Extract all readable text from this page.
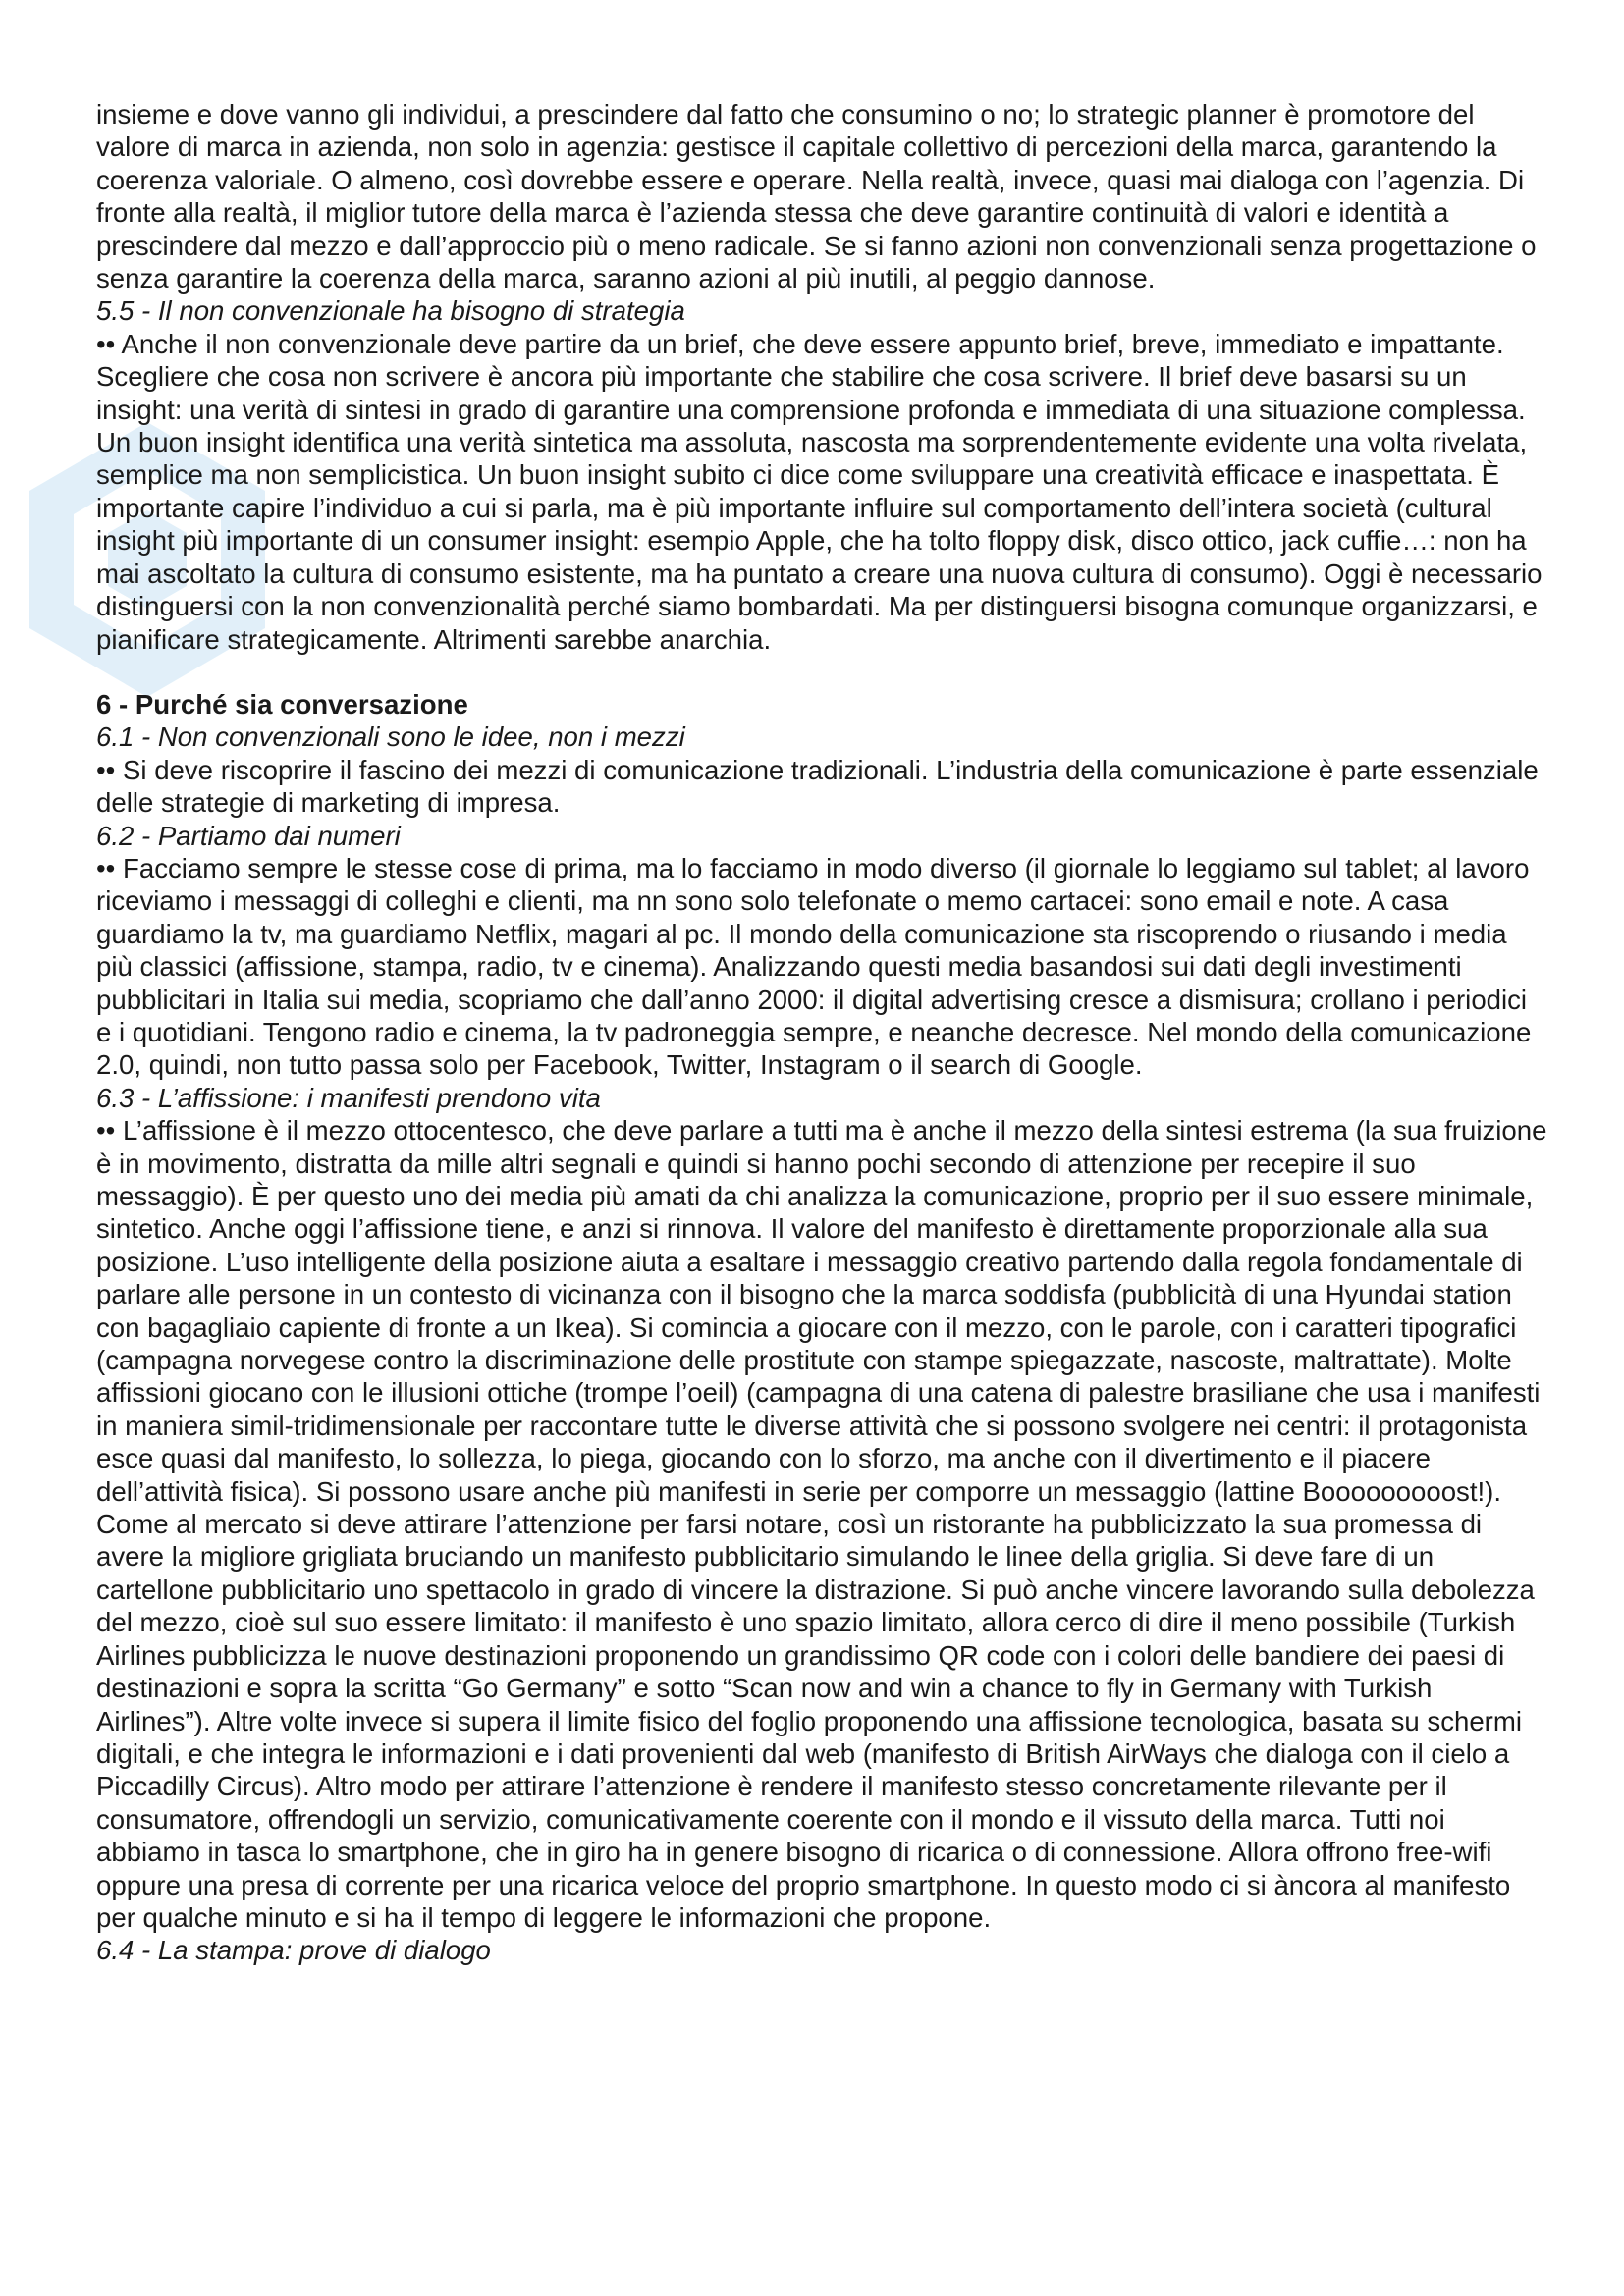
insieme e dove vanno gli individui, a prescindere dal fatto che consumino o no; lo strategic planner è promotore del valore di marca in azienda, non solo in agenzia: gestisce il capitale collettivo di percezioni della marca, garantendo la coerenza valoriale. O almeno, così dovrebbe essere e operare. Nella realtà, invece, quasi mai dialoga con l’agenzia. Di fronte alla realtà, il miglior tutore della marca è l’azienda stessa che deve garantire continuità di valori e identità a prescindere dal mezzo e dall’approccio più o meno radicale. Se si fanno azioni non convenzionali senza progettazione o senza garantire la coerenza della marca, saranno azioni al più inutili, al peggio dannose.

5.5 - Il non convenzionale ha bisogno di strategia

•• Anche il non convenzionale deve partire da un brief, che deve essere appunto brief, breve, immediato e impattante. Scegliere che cosa non scrivere è ancora più importante che stabilire che cosa scrivere. Il brief deve basarsi su un insight: una verità di sintesi in grado di garantire una comprensione profonda e immediata di una situazione complessa. Un buon insight identifica una verità sintetica ma assoluta, nascosta ma sorprendentemente evidente una volta rivelata, semplice ma non semplicistica. Un buon insight subito ci dice come sviluppare una creatività efficace e inaspettata. È importante capire l’individuo a cui si parla, ma è più importante influire sul comportamento dell’intera società (cultural insight più importante di un consumer insight: esempio Apple, che ha tolto floppy disk, disco ottico, jack cuffie…: non ha mai ascoltato la cultura di consumo esistente, ma ha puntato a creare una nuova cultura di consumo). Oggi è necessario distinguersi con la non convenzionalità perché siamo bombardati. Ma per distinguersi bisogna comunque organizzarsi, e pianificare strategicamente. Altrimenti sarebbe anarchia.

6 - Purché sia conversazione

6.1 - Non convenzionali sono le idee, non i mezzi

•• Si deve riscoprire il fascino dei mezzi di comunicazione tradizionali. L’industria della comunicazione è parte essenziale delle strategie di marketing di impresa.

6.2 - Partiamo dai numeri

•• Facciamo sempre le stesse cose di prima, ma lo facciamo in modo diverso (il giornale lo leggiamo sul tablet; al lavoro riceviamo i messaggi di colleghi e clienti, ma nn sono solo telefonate o memo cartacei: sono email e note. A casa guardiamo la tv, ma guardiamo Netflix, magari al pc. Il mondo della comunicazione sta riscoprendo o riusando i media più classici (affissione, stampa, radio, tv e cinema). Analizzando questi media basandosi sui dati degli investimenti pubblicitari in Italia sui media, scopriamo che dall’anno 2000: il digital advertising cresce a dismisura; crollano i periodici e i quotidiani. Tengono radio e cinema, la tv padroneggia sempre, e neanche decresce. Nel mondo della comunicazione 2.0, quindi, non tutto passa solo per Facebook, Twitter, Instagram o il search di Google.

6.3 - L’affissione: i manifesti prendono vita

•• L’affissione è il mezzo ottocentesco, che deve parlare a tutti ma è anche il mezzo della sintesi estrema (la sua fruizione è in movimento, distratta da mille altri segnali e quindi si hanno pochi secondo di attenzione per recepire il suo messaggio). È per questo uno dei media più amati da chi analizza la comunicazione, proprio per il suo essere minimale, sintetico. Anche oggi l’affissione tiene, e anzi si rinnova. Il valore del manifesto è direttamente proporzionale alla sua posizione. L’uso intelligente della posizione aiuta a esaltare i messaggio creativo partendo dalla regola fondamentale di parlare alle persone in un contesto di vicinanza con il bisogno che la marca soddisfa (pubblicità di una Hyundai station con bagagliaio capiente di fronte a un Ikea). Si comincia a giocare con il mezzo, con le parole, con i caratteri tipografici (campagna norvegese contro la discriminazione delle prostitute con stampe spiegazzate, nascoste, maltrattate). Molte affissioni giocano con le illusioni ottiche (trompe l’oeil) (campagna di una catena di palestre brasiliane che usa i manifesti in maniera simil-tridimensionale per raccontare tutte le diverse attività che si possono svolgere nei centri: il protagonista esce quasi dal manifesto, lo sollezza, lo piega, giocando con lo sforzo, ma anche con il divertimento e il piacere dell’attività fisica). Si possono usare anche più manifesti in serie per comporre un messaggio (lattine Booooooooost!). Come al mercato si deve attirare l’attenzione per farsi notare, così un ristorante ha pubblicizzato la sua promessa di avere la migliore grigliata bruciando un manifesto pubblicitario simulando le linee della griglia. Si deve fare di un cartellone pubblicitario uno spettacolo in grado di vincere la distrazione. Si può anche vincere lavorando sulla debolezza del mezzo, cioè sul suo essere limitato: il manifesto è uno spazio limitato, allora cerco di dire il meno possibile (Turkish Airlines pubblicizza le nuove destinazioni proponendo un grandissimo QR code con i colori delle bandiere dei paesi di destinazioni e sopra la scritta “Go Germany” e sotto “Scan now and win a chance to fly in Germany with Turkish Airlines”). Altre volte invece si supera il limite fisico del foglio proponendo una affissione tecnologica, basata su schermi digitali, e che integra le informazioni e i dati provenienti dal web (manifesto di British AirWays che dialoga con il cielo a Piccadilly Circus). Altro modo per attirare l’attenzione è rendere il manifesto stesso concretamente rilevante per il consumatore, offrendogli un servizio, comunicativamente coerente con il mondo e il vissuto della marca. Tutti noi abbiamo in tasca lo smartphone, che in giro ha in genere bisogno di ricarica o di connessione. Allora offrono free-wifi oppure una presa di corrente per una ricarica veloce del proprio smartphone. In questo modo ci si àncora al manifesto per qualche minuto e si ha il tempo di leggere le informazioni che propone.

6.4 - La stampa: prove di dialogo
